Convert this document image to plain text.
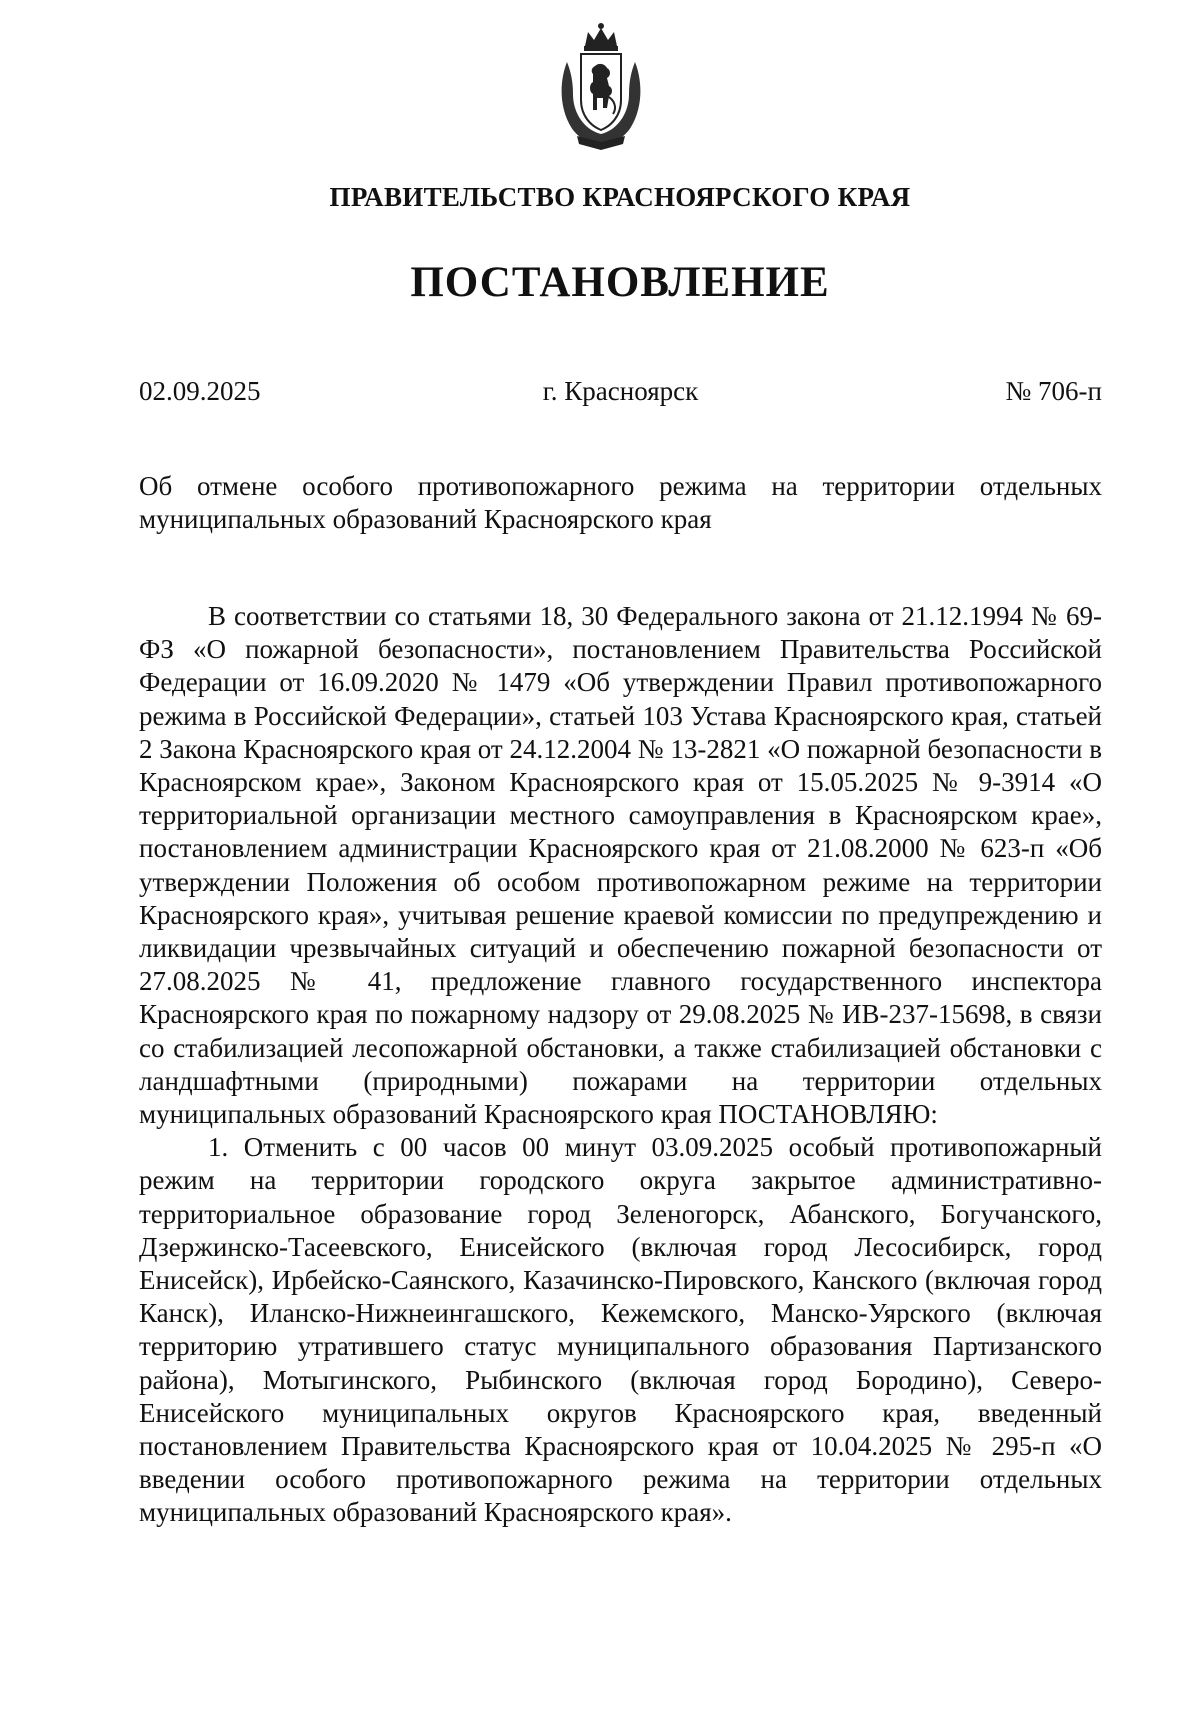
ПРАВИТЕЛЬСТВО КРАСНОЯРСКОГО КРАЯ
ПОСТАНОВЛЕНИЕ
02.09.2025	г. Красноярск	№ 706-п
Об отмене особого противопожарного режима на территории отдельных муниципальных образований Красноярского края

В соответствии со статьями 18, 30 Федерального закона от 21.12.1994 № 69-ФЗ «О пожарной безопасности», постановлением Правительства Российской Федерации от 16.09.2020 № 1479 «Об утверждении Правил противопожарного режима в Российской Федерации», статьей 103 Устава Красноярского края, статьей 2 Закона Красноярского края от 24.12.2004 № 13-2821 «О пожарной безопасности в Красноярском крае», Законом Красноярского края от 15.05.2025 № 9-3914 «О территориальной организации местного самоуправления в Красноярском крае», постановлением администрации Красноярского края от 21.08.2000 № 623-п «Об утверждении Положения об особом противопожарном режиме на территории Красноярского края», учитывая решение краевой комиссии по предупреждению и ликвидации чрезвычайных ситуаций и обеспечению пожарной безопасности от 27.08.2025 № 41, предложение главного государственного инспектора Красноярского края по пожарному надзору от 29.08.2025 № ИВ-237-15698, в связи со стабилизацией лесопожарной обстановки, а также стабилизацией обстановки с ландшафтными (природными) пожарами на территории отдельных муниципальных образований Красноярского края ПОСТАНОВЛЯЮ:

1. Отменить с 00 часов 00 минут 03.09.2025 особый противопожарный режим на территории городского округа закрытое административно-территориальное образование город Зеленогорск, Абанского, Богучанского, Дзержинско-Тасеевского, Енисейского (включая город Лесосибирск, город Енисейск), Ирбейско-Саянского, Казачинско-Пировского, Канского (включая город Канск), Иланско-Нижнеингашского, Кежемского, Манско-Уярского (включая территорию утратившего статус муниципального образования Партизанского района), Мотыгинского, Рыбинского (включая город Бородино), Северо-Енисейского муниципальных округов Красноярского края, введенный постановлением Правительства Красноярского края от 10.04.2025 № 295-п «О введении особого противопожарного режима на территории отдельных муниципальных образований Красноярского края».
